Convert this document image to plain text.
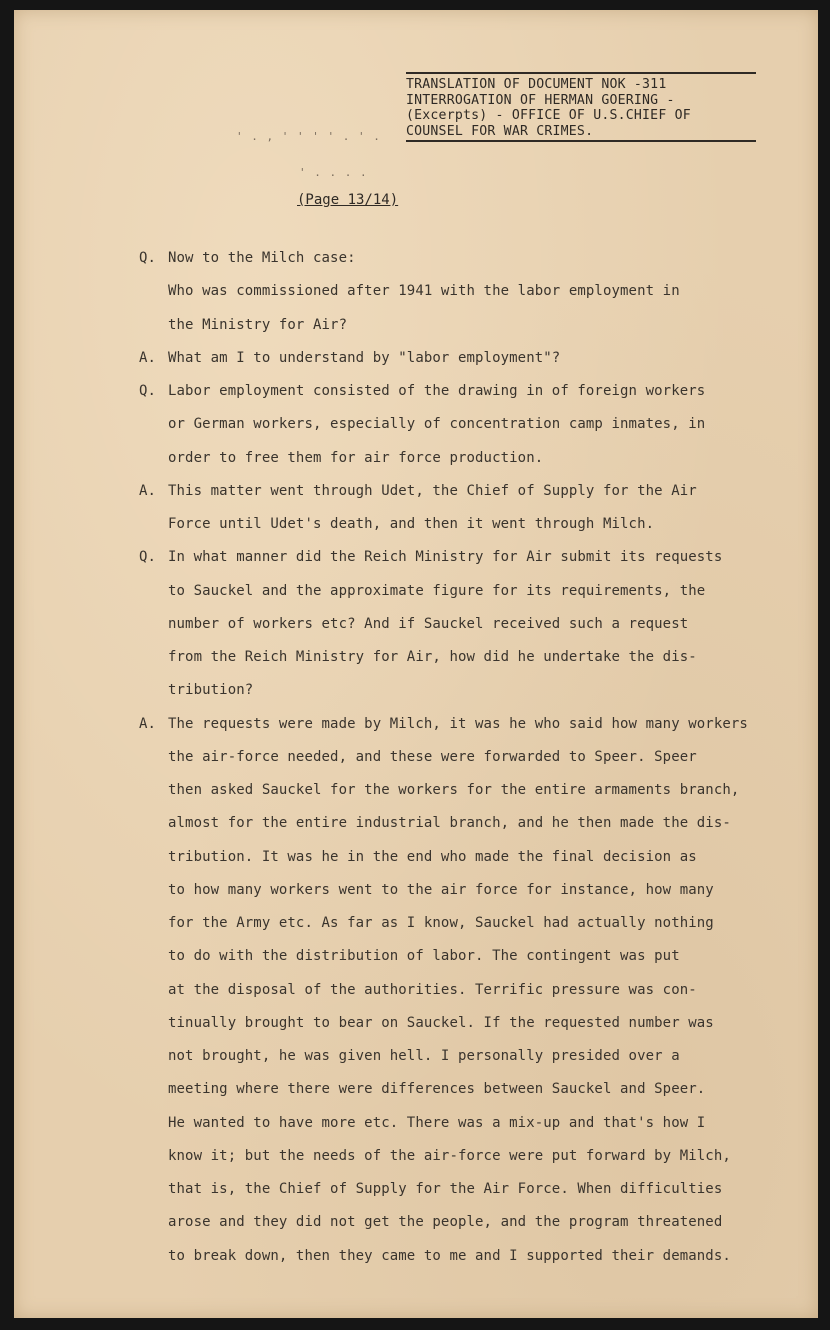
TRANSLATION OF DOCUMENT NOK -311
INTERROGATION OF HERMAN GOERING -
(Excerpts) - OFFICE OF U.S.CHIEF OF
COUNSEL FOR WAR CRIMES.
' . , ' ' ' ' . ' .
' . . . .
(Page 13/14)
Q. Now to the Milch case:
Who was commissioned after 1941 with the labor employment in
the Ministry for Air?
A. What am I to understand by "labor employment"?
Q. Labor employment consisted of the drawing in of foreign workers
or German workers, especially of concentration camp inmates, in
order to free them for air force production.
A. This matter went through Udet, the Chief of Supply for the Air
Force until Udet's death, and then it went through Milch.
Q. In what manner did the Reich Ministry for Air submit its requests
to Sauckel and the approximate figure for its requirements, the
number of workers etc? And if Sauckel received such a request
from the Reich Ministry for Air, how did he undertake the dis-
tribution?
A. The requests were made by Milch, it was he who said how many workers
the air-force needed, and these were forwarded to Speer. Speer
then asked Sauckel for the workers for the entire armaments branch,
almost for the entire industrial branch, and he then made the dis-
tribution. It was he in the end who made the final decision as
to how many workers went to the air force for instance, how many
for the Army etc. As far as I know, Sauckel had actually nothing
to do with the distribution of labor. The contingent was put
at the disposal of the authorities. Terrific pressure was con-
tinually brought to bear on Sauckel. If the requested number was
not brought, he was given hell. I personally presided over a
meeting where there were differences between Sauckel and Speer.
He wanted to have more etc. There was a mix-up and that's how I
know it; but the needs of the air-force were put forward by Milch,
that is, the Chief of Supply for the Air Force. When difficulties
arose and they did not get the people, and the program threatened
to break down, then they came to me and I supported their demands.
